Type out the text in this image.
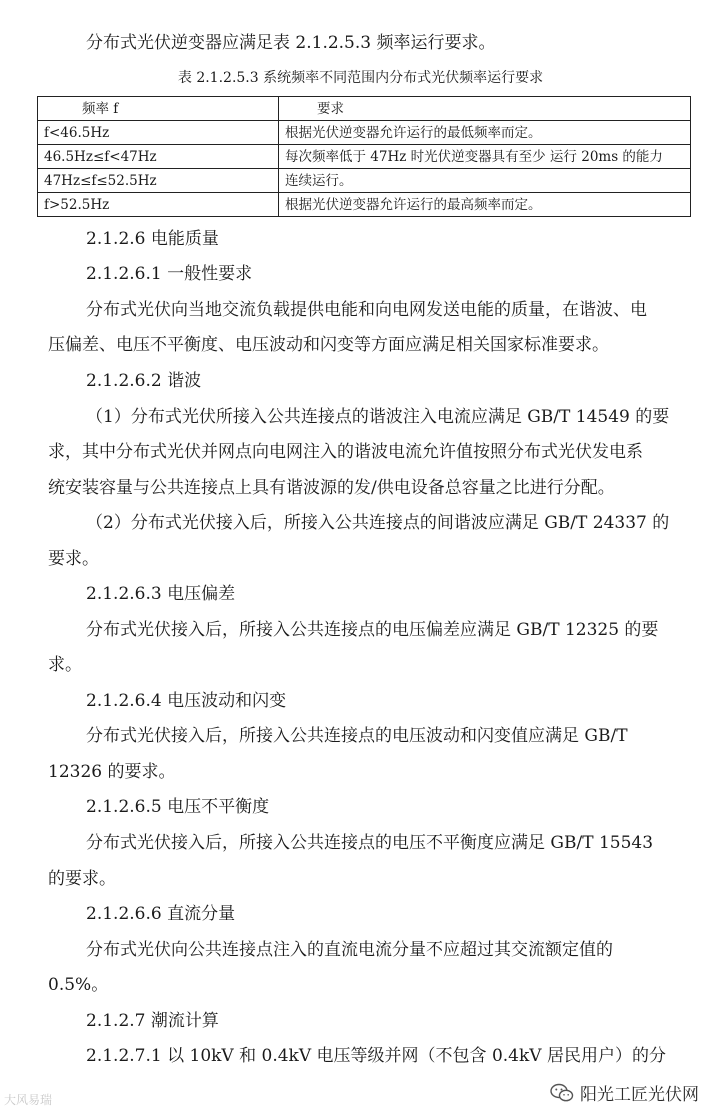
分布式光伏逆变器应满足表 2.1.2.5.3 频率运行要求。
表 2.1.2.5.3 系统频率不同范围内分布式光伏频率运行要求
频率 f	要求
f<46.5Hz	根据光伏逆变器允许运行的最低频率而定。
46.5Hz≤f<47Hz	每次频率低于 47Hz 时光伏逆变器具有至少 运行 20ms 的能力
47Hz≤f≤52.5Hz	连续运行。
f>52.5Hz	根据光伏逆变器允许运行的最高频率而定。
2.1.2.6 电能质量
2.1.2.6.1 一般性要求
分布式光伏向当地交流负载提供电能和向电网发送电能的质量，在谐波、电
压偏差、电压不平衡度、电压波动和闪变等方面应满足相关国家标准要求。
2.1.2.6.2 谐波
（1）分布式光伏所接入公共连接点的谐波注入电流应满足 GB/T 14549 的要
求，其中分布式光伏并网点向电网注入的谐波电流允许值按照分布式光伏发电系
统安装容量与公共连接点上具有谐波源的发/供电设备总容量之比进行分配。
（2）分布式光伏接入后，所接入公共连接点的间谐波应满足 GB/T 24337 的
要求。
2.1.2.6.3 电压偏差
分布式光伏接入后，所接入公共连接点的电压偏差应满足 GB/T 12325 的要
求。
2.1.2.6.4 电压波动和闪变
分布式光伏接入后，所接入公共连接点的电压波动和闪变值应满足 GB/T
12326 的要求。
2.1.2.6.5 电压不平衡度
分布式光伏接入后，所接入公共连接点的电压不平衡度应满足 GB/T 15543
的要求。
2.1.2.6.6 直流分量
分布式光伏向公共连接点注入的直流电流分量不应超过其交流额定值的
0.5%。
2.1.2.7 潮流计算
2.1.2.7.1 以 10kV 和 0.4kV 电压等级并网（不包含 0.4kV 居民用户）的分
大风易瑞	阳光工匠光伏网
